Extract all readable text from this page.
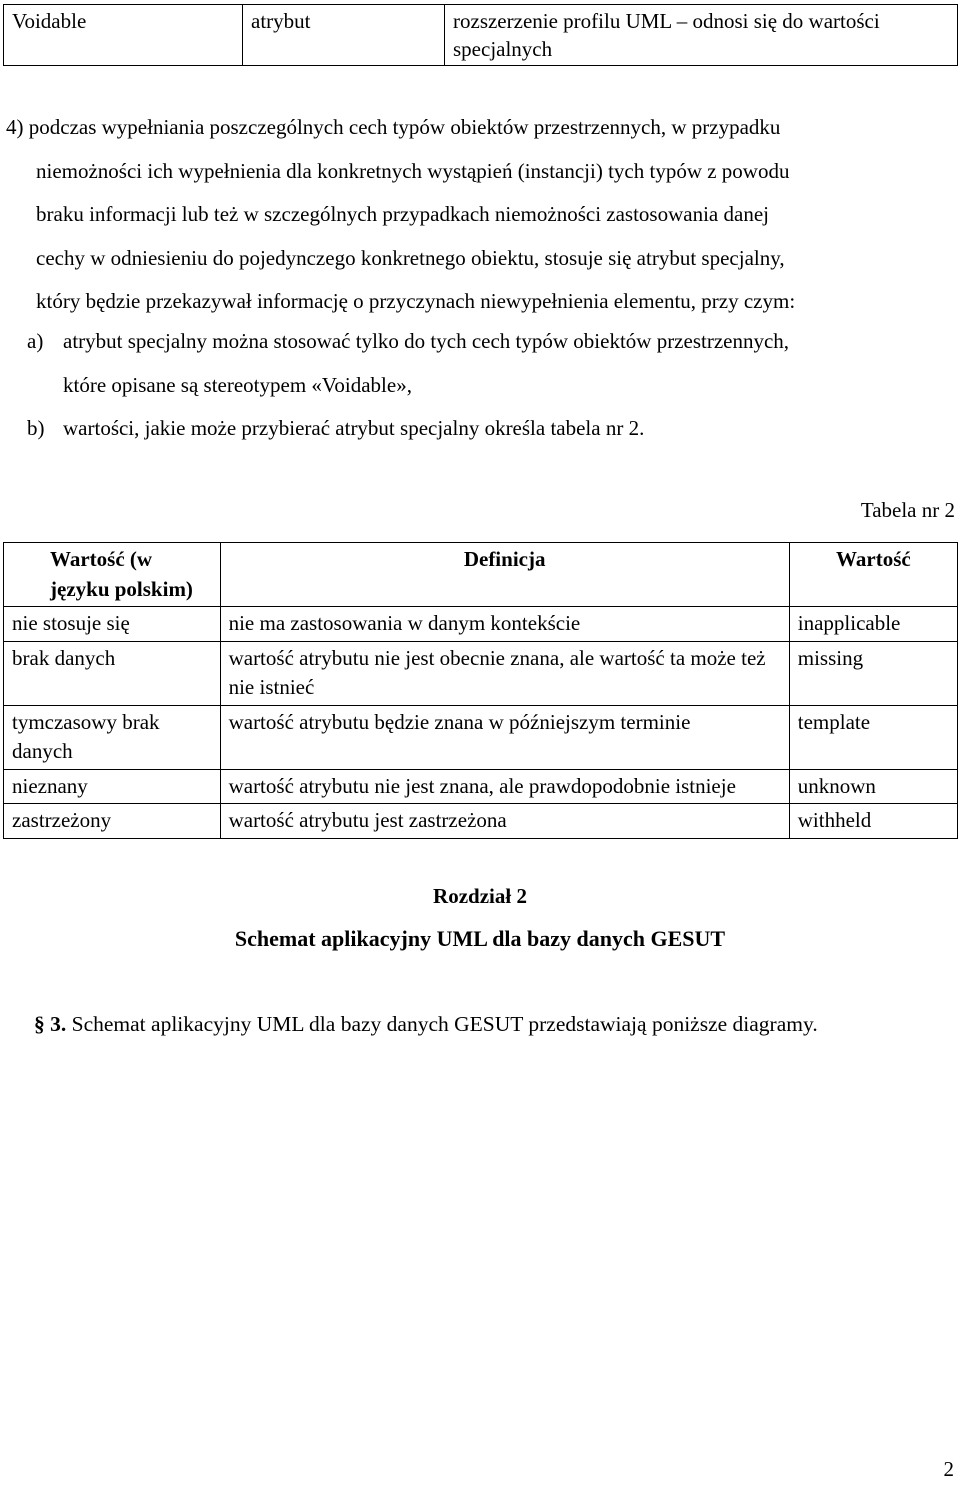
Voidable	atrybut	rozszerzenie profilu UML – odnosi się do wartości specjalnych
4) podczas wypełniania poszczególnych cech typów obiektów przestrzennych, w przypadku
niemożności ich wypełnienia dla konkretnych wystąpień (instancji) tych typów z powodu
braku informacji lub też w szczególnych przypadkach niemożności zastosowania danej
cechy w odniesieniu do pojedynczego konkretnego obiektu, stosuje się atrybut specjalny,
który będzie przekazywał informację o przyczynach niewypełnienia elementu, przy czym:
a) atrybut specjalny można stosować tylko do tych cech typów obiektów przestrzennych,
które opisane są stereotypem «Voidable»,
b) wartości, jakie może przybierać atrybut specjalny określa tabela nr 2.
Tabela nr 2
Wartość (w języku polskim)	Definicja	Wartość
nie stosuje się	nie ma zastosowania w danym kontekście	inapplicable
brak danych	wartość atrybutu nie jest obecnie znana, ale wartość ta może też nie istnieć	missing
tymczasowy brak danych	wartość atrybutu będzie znana w późniejszym terminie	template
nieznany	wartość atrybutu nie jest znana, ale prawdopodobnie istnieje	unknown
zastrzeżony	wartość atrybutu jest zastrzeżona	withheld
Rozdział 2
Schemat aplikacyjny UML dla bazy danych GESUT
§ 3. Schemat aplikacyjny UML dla bazy danych GESUT przedstawiają poniższe diagramy.
2
